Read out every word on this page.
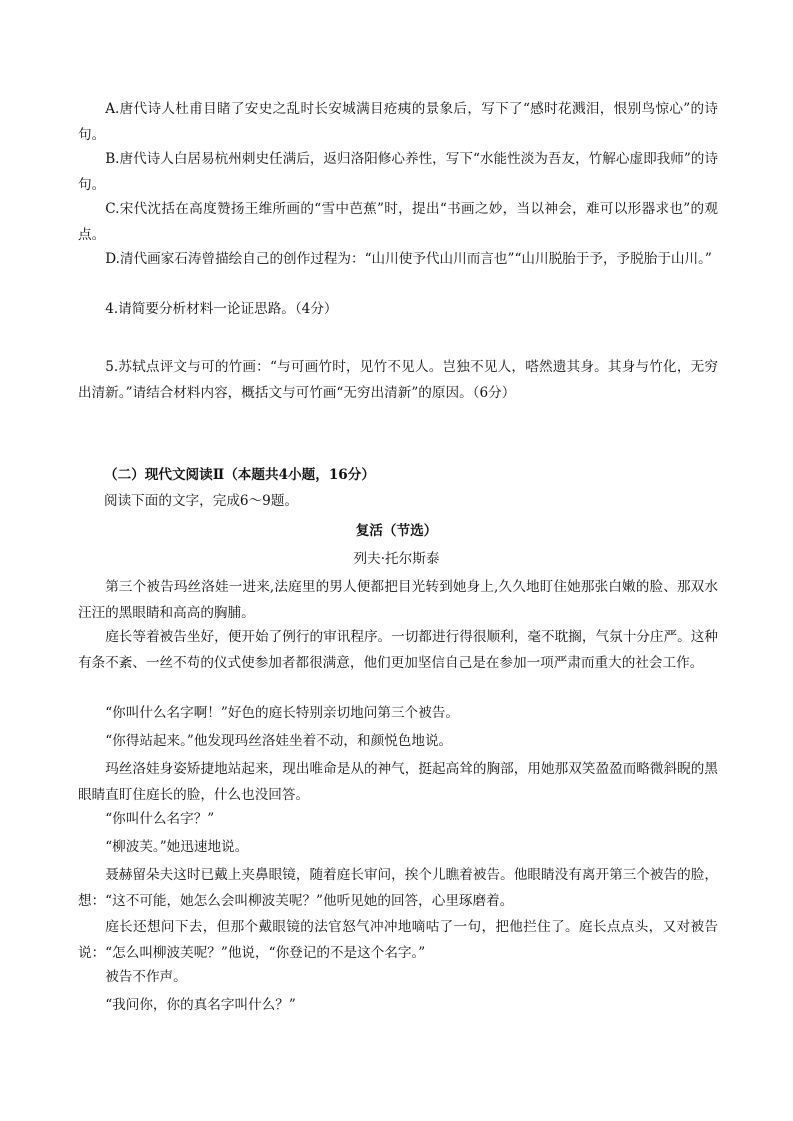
A.唐代诗人杜甫目睹了安史之乱时长安城满目疮痍的景象后，写下了“感时花溅泪，恨别鸟惊心”的诗句。

B.唐代诗人白居易杭州刺史任满后，返归洛阳修心养性，写下“水能性淡为吾友，竹解心虚即我师”的诗句。

C.宋代沈括在高度赞扬王维所画的“雪中芭蕉”时，提出“书画之妙，当以神会，难可以形器求也”的观点。

D.清代画家石涛曾描绘自己的创作过程为：“山川使予代山川而言也”“山川脱胎于予，予脱胎于山川。”

4.请简要分析材料一论证思路。（4分）

5.苏轼点评文与可的竹画：“与可画竹时，见竹不见人。岂独不见人，嗒然遗其身。其身与竹化，无穷出清新。”请结合材料内容，概括文与可竹画“无穷出清新”的原因。（6分）

（二）现代文阅读Ⅱ（本题共4小题，16分）

阅读下面的文字，完成6～9题。

复活（节选）

列夫·托尔斯泰

第三个被告玛丝洛娃一进来,法庭里的男人便都把目光转到她身上,久久地盯住她那张白嫩的脸、那双水汪汪的黑眼睛和高高的胸脯。

庭长等着被告坐好，便开始了例行的审讯程序。一切都进行得很顺利，毫不耽搁，气氛十分庄严。这种有条不紊、一丝不苟的仪式使参加者都很满意，他们更加坚信自己是在参加一项严肃而重大的社会工作。

“你叫什么名字啊！”好色的庭长特别亲切地问第三个被告。

“你得站起来。”他发现玛丝洛娃坐着不动，和颜悦色地说。

玛丝洛娃身姿矫捷地站起来，现出唯命是从的神气，挺起高耸的胸部，用她那双笑盈盈而略微斜睨的黑眼睛直盯住庭长的脸，什么也没回答。

“你叫什么名字？”

“柳波芙。”她迅速地说。

聂赫留朵夫这时已戴上夹鼻眼镜，随着庭长审问，挨个儿瞧着被告。他眼睛没有离开第三个被告的脸，想：“这不可能，她怎么会叫柳波芙呢？”他听见她的回答，心里琢磨着。

庭长还想问下去，但那个戴眼镜的法官怒气冲冲地嘀咕了一句，把他拦住了。庭长点点头，又对被告说：“怎么叫柳波芙呢？”他说，“你登记的不是这个名字。”

被告不作声。

“我问你，你的真名字叫什么？”
